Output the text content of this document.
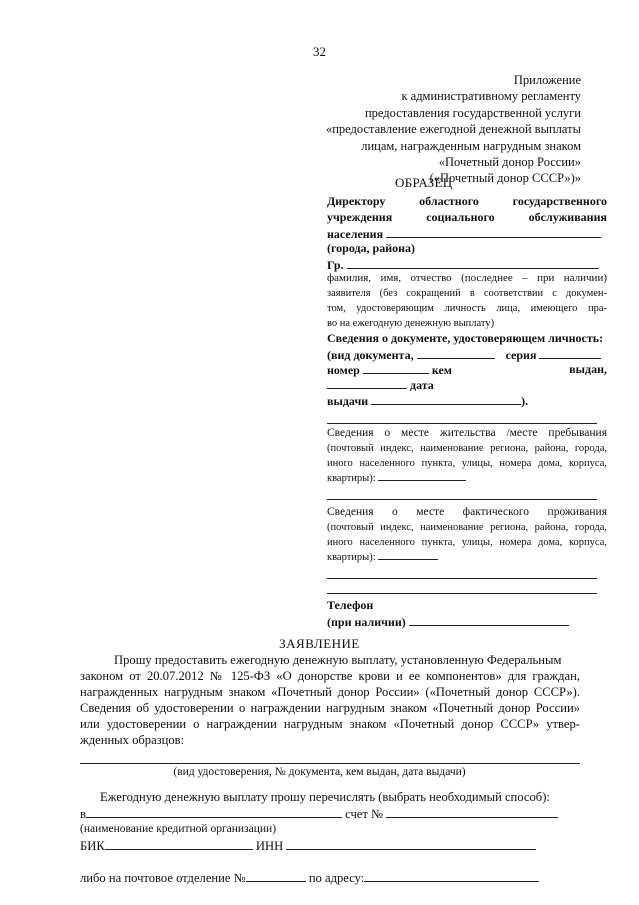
32
Приложение
к административному регламенту
предоставления государственной услуги
«предоставление ежегодной денежной выплаты
лицам, награжденным нагрудным знаком
«Почетный донор России»
(«Почетный донор СССР»)»
ОБРАЗЕЦ
Директору областного государственного
учреждения социального обслуживания
населения
(города, района)
Гр.
фамилия, имя, отчество (последнее – при наличии)
заявителя (без сокращений в соответствии с докумен-
том, удостоверяющим личность лица, имеющего пра-
во на ежегодную денежную выплату)
Сведения о документе, удостоверяющем личность:
(вид документа,	серия
номер	кем	выдан,
дата
выдачи	).
Сведения о месте жительства /месте пребывания
(почтовый индекс, наименование региона, района, города,
иного населенного пункта, улицы, номера дома, корпуса,
квартиры):
Сведения о месте фактического проживания
(почтовый индекс, наименование региона, района, города,
иного населенного пункта, улицы, номера дома, корпуса,
квартиры):
Телефон
(при наличии)
ЗАЯВЛЕНИЕ
Прошу предоставить ежегодную денежную выплату, установленную Федеральным
законом от 20.07.2012 № 125-ФЗ «О донорстве крови и ее компонентов» для граждан,
награжденных нагрудным знаком «Почетный донор России» («Почетный донор СССР»).
Сведения об удостоверении о награждении нагрудным знаком «Почетный донор России»
или удостоверении о награждении нагрудным знаком «Почетный донор СССР» утвер-
жденных образцов:
(вид удостоверения, № документа, кем выдан, дата выдачи)
Ежегодную денежную выплату прошу перечислять (выбрать необходимый способ):
в	счет №
(наименование кредитной организации)
БИК	ИНН
либо на почтовое отделение №	по адресу:
